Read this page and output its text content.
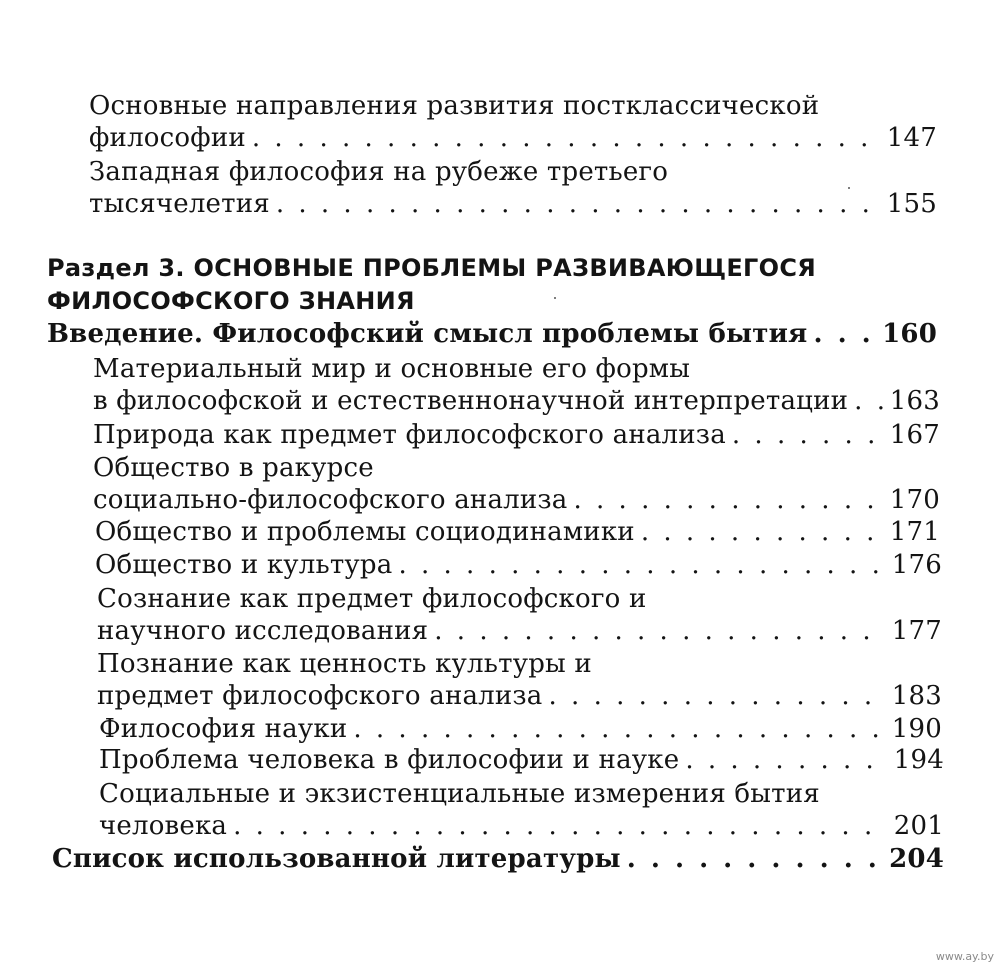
Основные направления развития постклассической
философии . . .	147
Западная философия на рубеже третьего
тысячелетия . . .	155
Раздел 3. ОСНОВНЫЕ ПРОБЛЕМЫ РАЗВИВАЮЩЕГОСЯ
ФИЛОСОФСКОГО ЗНАНИЯ
Введение. Философский смысл проблемы бытия . . .	160
Материальный мир и основные его формы
в философской и естественнонаучной интерпретации . . . 163
Природа как предмет философского анализа . . .	167
Общество в ракурсе
социально-философского анализа . . .	170
Общество и проблемы социодинамики . . .	171
Общество и культура . . .	176
Сознание как предмет философского и
научного исследования . . .	177
Познание как ценность культуры и
предмет философского анализа . . .	183
Философия науки . . .	190
Проблема человека в философии и науке . . .	194
Социальные и экзистенциальные измерения бытия
человека . . .	201
Список использованной литературы . . .	204
www.ay.by
